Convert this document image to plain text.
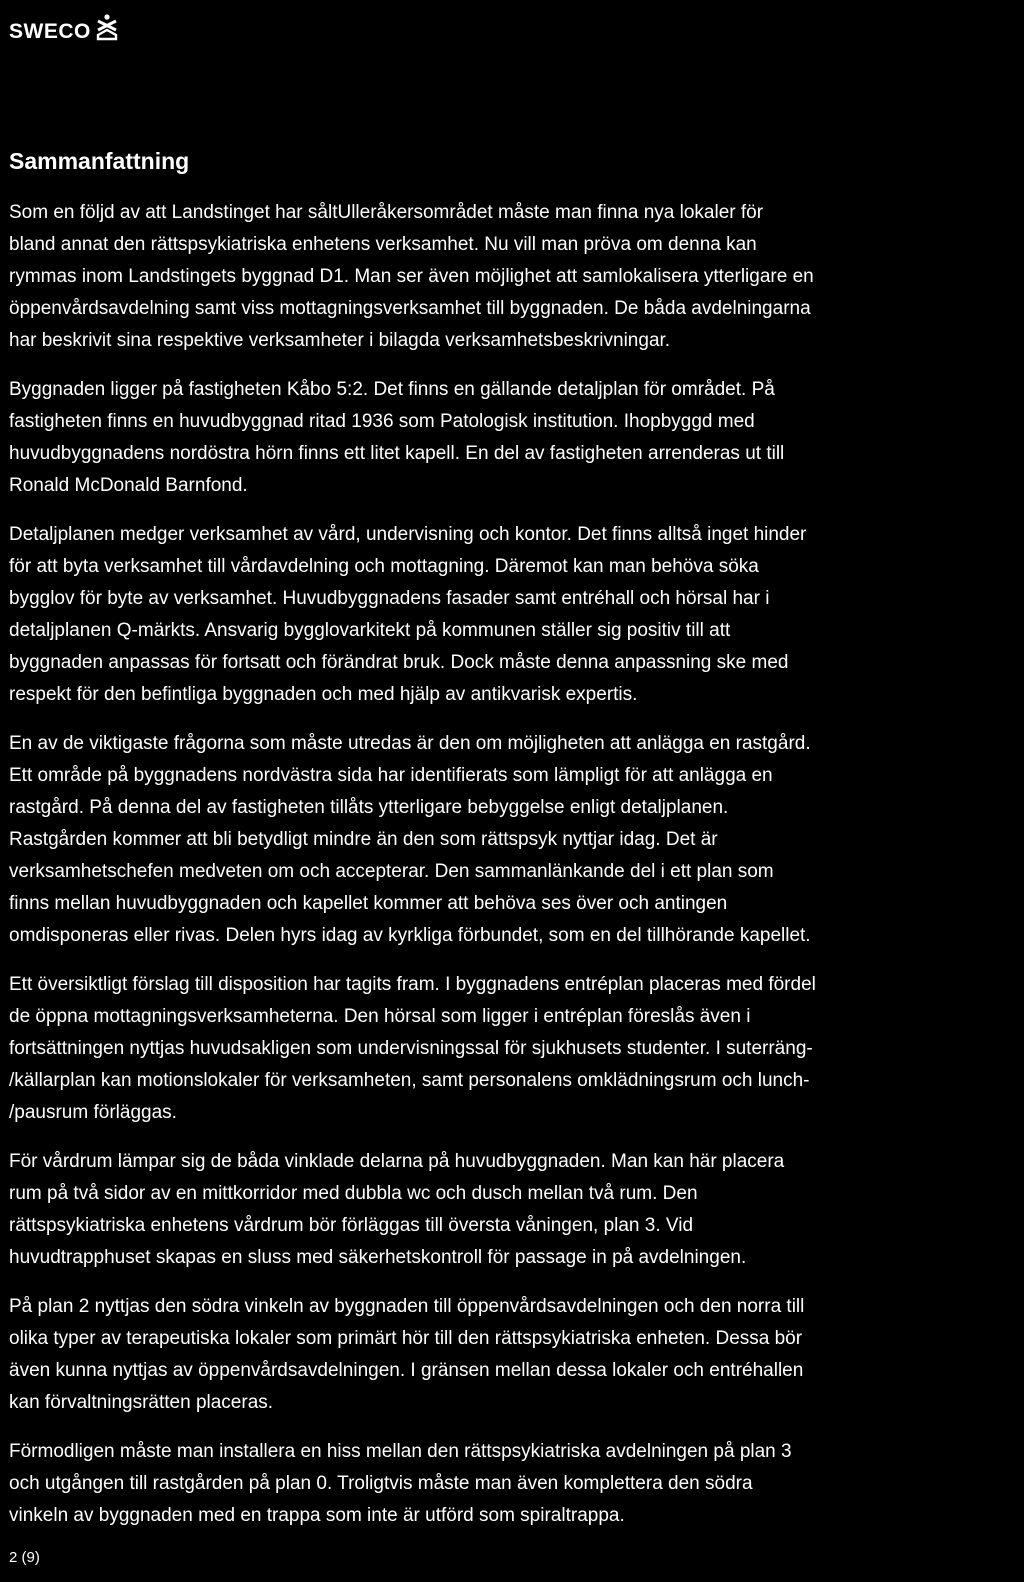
SWECO
Sammanfattning

Som en följd av att Landstinget har såltUlleråkersområdet måste man finna nya lokaler för
bland annat den rättspsykiatriska enhetens verksamhet. Nu vill man pröva om denna kan
rymmas inom Landstingets byggnad D1. Man ser även möjlighet att samlokalisera ytterligare en
öppenvårdsavdelning samt viss mottagningsverksamhet till byggnaden. De båda avdelningarna
har beskrivit sina respektive verksamheter i bilagda verksamhetsbeskrivningar.

Byggnaden ligger på fastigheten Kåbo 5:2. Det finns en gällande detaljplan för området. På
fastigheten finns en huvudbyggnad ritad 1936 som Patologisk institution. Ihopbyggd med
huvudbyggnadens nordöstra hörn finns ett litet kapell. En del av fastigheten arrenderas ut till
Ronald McDonald Barnfond.

Detaljplanen medger verksamhet av vård, undervisning och kontor. Det finns alltså inget hinder
för att byta verksamhet till vårdavdelning och mottagning. Däremot kan man behöva söka
bygglov för byte av verksamhet. Huvudbyggnadens fasader samt entréhall och hörsal har i
detaljplanen Q-märkts. Ansvarig bygglovarkitekt på kommunen ställer sig positiv till att
byggnaden anpassas för fortsatt och förändrat bruk. Dock måste denna anpassning ske med
respekt för den befintliga byggnaden och med hjälp av antikvarisk expertis.

En av de viktigaste frågorna som måste utredas är den om möjligheten att anlägga en rastgård.
Ett område på byggnadens nordvästra sida har identifierats som lämpligt för att anlägga en
rastgård. På denna del av fastigheten tillåts ytterligare bebyggelse enligt detaljplanen.
Rastgården kommer att bli betydligt mindre än den som rättspsyk nyttjar idag. Det är
verksamhetschefen medveten om och accepterar. Den sammanlänkande del i ett plan som
finns mellan huvudbyggnaden och kapellet kommer att behöva ses över och antingen
omdisponeras eller rivas. Delen hyrs idag av kyrkliga förbundet, som en del tillhörande kapellet.

Ett översiktligt förslag till disposition har tagits fram. I byggnadens entréplan placeras med fördel
de öppna mottagningsverksamheterna. Den hörsal som ligger i entréplan föreslås även i
fortsättningen nyttjas huvudsakligen som undervisningssal för sjukhusets studenter. I suterräng-
/källarplan kan motionslokaler för verksamheten, samt personalens omklädningsrum och lunch-
/pausrum förläggas.

För vårdrum lämpar sig de båda vinklade delarna på huvudbyggnaden. Man kan här placera
rum på två sidor av en mittkorridor med dubbla wc och dusch mellan två rum. Den
rättspsykiatriska enhetens vårdrum bör förläggas till översta våningen, plan 3. Vid
huvudtrapphuset skapas en sluss med säkerhetskontroll för passage in på avdelningen.

På plan 2 nyttjas den södra vinkeln av byggnaden till öppenvårdsavdelningen och den norra till
olika typer av terapeutiska lokaler som primärt hör till den rättspsykiatriska enheten. Dessa bör
även kunna nyttjas av öppenvårdsavdelningen. I gränsen mellan dessa lokaler och entréhallen
kan förvaltningsrätten placeras.

Förmodligen måste man installera en hiss mellan den rättspsykiatriska avdelningen på plan 3
och utgången till rastgården på plan 0. Troligtvis måste man även komplettera den södra
vinkeln av byggnaden med en trappa som inte är utförd som spiraltrappa.

2 (9)
